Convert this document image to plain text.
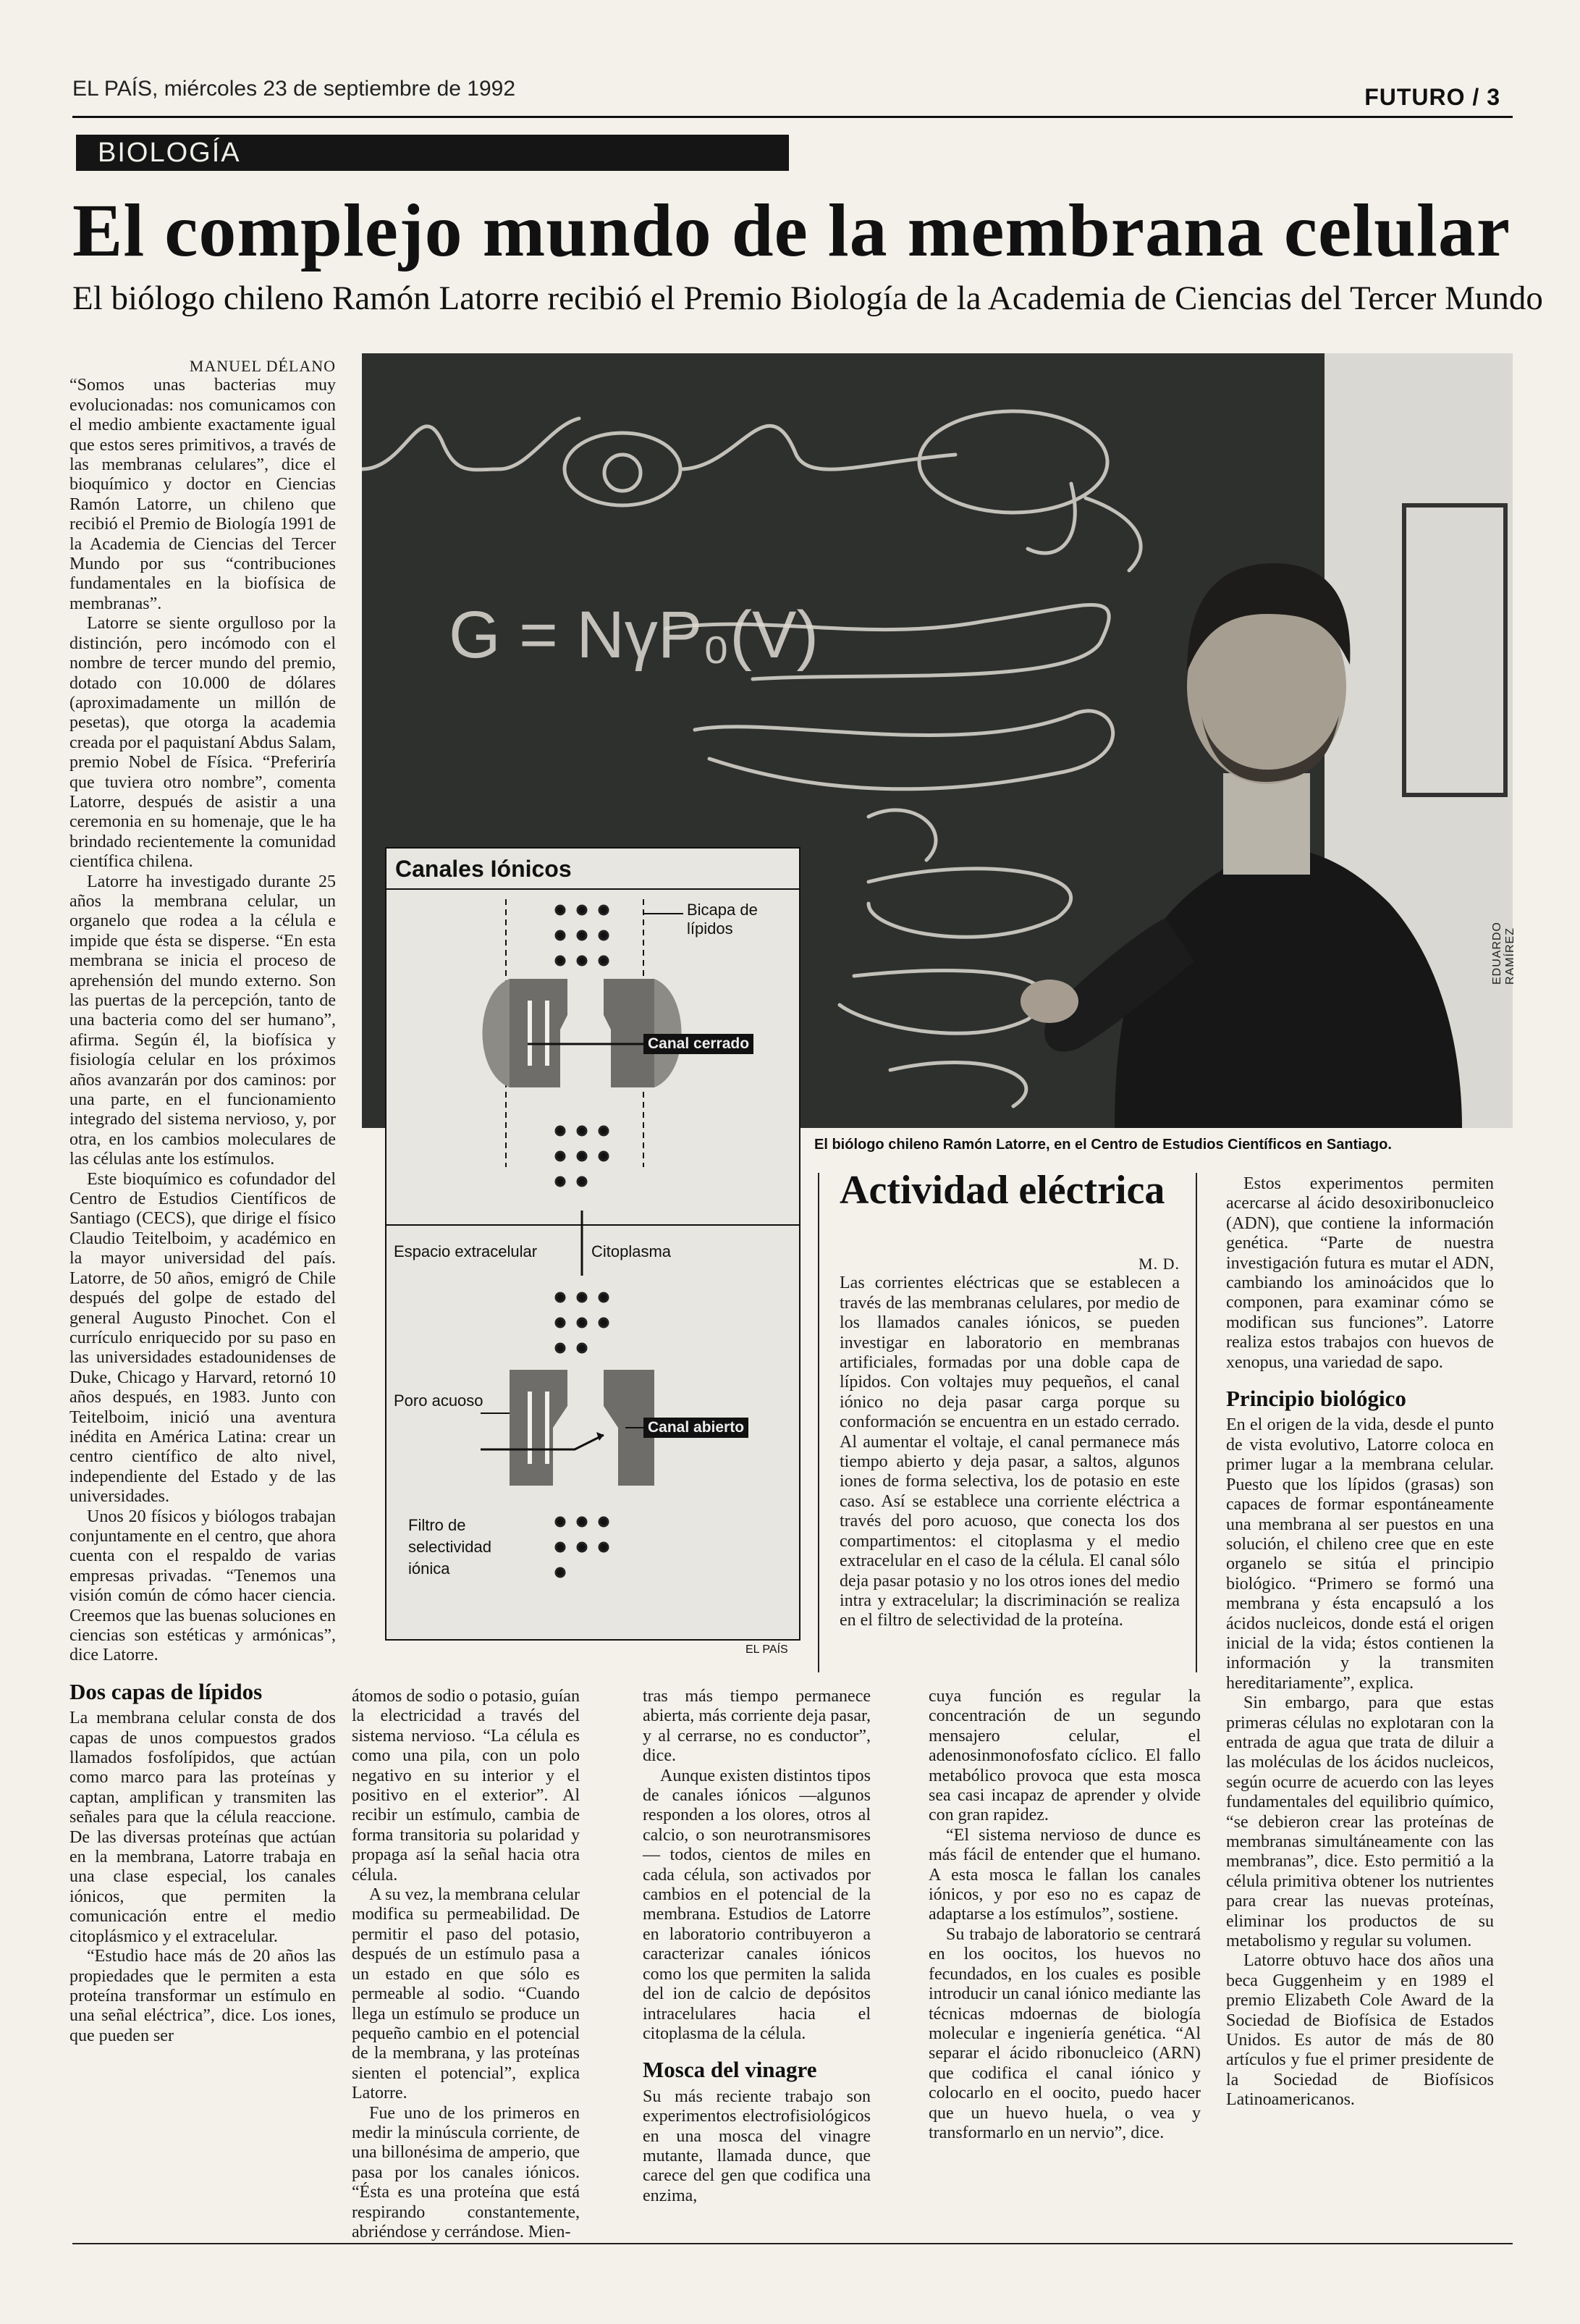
EL PAÍS, miércoles 23 de septiembre de 1992	FUTURO / 3
BIOLOGÍA
El complejo mundo de la membrana celular
El biólogo chileno Ramón Latorre recibió el Premio Biología de la Academia de Ciencias del Tercer Mundo
MANUEL DÉLANO

“Somos unas bacterias muy evolucionadas: nos comunicamos con el medio ambiente exactamente igual que estos seres primitivos, a través de las membranas celulares”, dice el bioquímico y doctor en Ciencias Ramón Latorre, un chileno que recibió el Premio de Biología 1991 de la Academia de Ciencias del Tercer Mundo por sus “contribuciones fundamentales en la biofísica de membranas”.

Latorre se siente orgulloso por la distinción, pero incómodo con el nombre de tercer mundo del premio, dotado con 10.000 de dólares (aproximadamente un millón de pesetas), que otorga la academia creada por el paquistaní Abdus Salam, premio Nobel de Física. “Preferiría que tuviera otro nombre”, comenta Latorre, después de asistir a una ceremonia en su homenaje, que le ha brindado recientemente la comunidad científica chilena.

Latorre ha investigado durante 25 años la membrana celular, un organelo que rodea a la célula e impide que ésta se disperse. “En esta membrana se inicia el proceso de aprehensión del mundo externo. Son las puertas de la percepción, tanto de una bacteria como del ser humano”, afirma. Según él, la biofísica y fisiología celular en los próximos años avanzarán por dos caminos: por una parte, en el funcionamiento integrado del sistema nervioso, y, por otra, en los cambios moleculares de las células ante los estímulos.

Este bioquímico es cofundador del Centro de Estudios Científicos de Santiago (CECS), que dirige el físico Claudio Teitelboim, y académico en la mayor universidad del país. Latorre, de 50 años, emigró de Chile después del golpe de estado del general Augusto Pinochet. Con el currículo enriquecido por su paso en las universidades estadounidenses de Duke, Chicago y Harvard, retornó 10 años después, en 1983. Junto con Teitelboim, inició una aventura inédita en América Latina: crear un centro científico de alto nivel, independiente del Estado y de las universidades.

Unos 20 físicos y biólogos trabajan conjuntamente en el centro, que ahora cuenta con el respaldo de varias empresas privadas. “Tenemos una visión común de cómo hacer ciencia. Creemos que las buenas soluciones en ciencias son estéticas y armónicas”, dice Latorre.

Dos capas de lípidos

La membrana celular consta de dos capas de unos compuestos grados llamados fosfolípidos, que actúan como marco para las proteínas y captan, amplifican y transmiten las señales para que la célula reaccione. De las diversas proteínas que actúan en la membrana, Latorre trabaja en una clase especial, los canales iónicos, que permiten la comunicación entre el medio citoplásmico y el extracelular.

“Estudio hace más de 20 años las propiedades que le permiten a esta proteína transformar un estímulo en una señal eléctrica”, dice. Los iones, que pueden ser

G = NγP₀(V)
EDUARDO RAMÍREZ
El biólogo chileno Ramón Latorre, en el Centro de Estudios Científicos en Santiago.
Canales Iónicos
Bicapa de lípidos
Canal cerrado
Espacio extracelular	Citoplasma
Poro acuoso
Canal abierto
Filtro de selectividad iónica
EL PAÍS
Actividad eléctrica
M. D.

Las corrientes eléctricas que se establecen a través de las membranas celulares, por medio de los llamados canales iónicos, se pueden investigar en laboratorio en membranas artificiales, formadas por una doble capa de lípidos. Con voltajes muy pequeños, el canal iónico no deja pasar carga porque su conformación se encuentra en un estado cerrado. Al aumentar el voltaje, el canal permanece más tiempo abierto y deja pasar, a saltos, algunos iones de forma selectiva, los de potasio en este caso. Así se establece una corriente eléctrica a través del poro acuoso, que conecta los dos compartimentos: el citoplasma y el medio extracelular en el caso de la célula. El canal sólo deja pasar potasio y no los otros iones del medio intra y extracelular; la discriminación se realiza en el filtro de selectividad de la proteína.

átomos de sodio o potasio, guían la electricidad a través del sistema nervioso. “La célula es como una pila, con un polo negativo en su interior y el positivo en el exterior”. Al recibir un estímulo, cambia de forma transitoria su polaridad y propaga así la señal hacia otra célula.

A su vez, la membrana celular modifica su permeabilidad. De permitir el paso del potasio, después de un estímulo pasa a un estado en que sólo es permeable al sodio. “Cuando llega un estímulo se produce un pequeño cambio en el potencial de la membrana, y las proteínas sienten el potencial”, explica Latorre.

Fue uno de los primeros en medir la minúscula corriente, de una billonésima de amperio, que pasa por los canales iónicos. “Ésta es una proteína que está respirando constantemente, abriéndose y cerrándose. Mien-

tras más tiempo permanece abierta, más corriente deja pasar, y al cerrarse, no es conductor”, dice.

Aunque existen distintos tipos de canales iónicos —algunos responden a los olores, otros al calcio, o son neurotransmisores— todos, cientos de miles en cada célula, son activados por cambios en el potencial de la membrana. Estudios de Latorre en laboratorio contribuyeron a caracterizar canales iónicos como los que permiten la salida del ion de calcio de depósitos intracelulares hacia el citoplasma de la célula.

Mosca del vinagre

Su más reciente trabajo son experimentos electrofisiológicos en una mosca del vinagre mutante, llamada dunce, que carece del gen que codifica una enzima,

cuya función es regular la concentración de un segundo mensajero celular, el adenosinmonofosfato cíclico. El fallo metabólico provoca que esta mosca sea casi incapaz de aprender y olvide con gran rapidez.

“El sistema nervioso de dunce es más fácil de entender que el humano. A esta mosca le fallan los canales iónicos, y por eso no es capaz de adaptarse a los estímulos”, sostiene.

Su trabajo de laboratorio se centrará en los oocitos, los huevos no fecundados, en los cuales es posible introducir un canal iónico mediante las técnicas mdoernas de biología molecular e ingeniería genética. “Al separar el ácido ribonucleico (ARN) que codifica el canal iónico y colocarlo en el oocito, puedo hacer que un huevo huela, o vea y transformarlo en un nervio”, dice.

Estos experimentos permiten acercarse al ácido desoxiribonucleico (ADN), que contiene la información genética. “Parte de nuestra investigación futura es mutar el ADN, cambiando los aminoácidos que lo componen, para examinar cómo se modifican sus funciones”. Latorre realiza estos trabajos con huevos de xenopus, una variedad de sapo.

Principio biológico

En el origen de la vida, desde el punto de vista evolutivo, Latorre coloca en primer lugar a la membrana celular. Puesto que los lípidos (grasas) son capaces de formar espontáneamente una membrana al ser puestos en una solución, el chileno cree que en este organelo se sitúa el principio biológico. “Primero se formó una membrana y ésta encapsuló a los ácidos nucleicos, donde está el origen inicial de la vida; éstos contienen la información y la transmiten hereditariamente”, explica.

Sin embargo, para que estas primeras células no explotaran con la entrada de agua que trata de diluir a las moléculas de los ácidos nucleicos, según ocurre de acuerdo con las leyes fundamentales del equilibrio químico, “se debieron crear las proteínas de membranas simultáneamente con las membranas”, dice. Esto permitió a la célula primitiva obtener los nutrientes para crear las nuevas proteínas, eliminar los productos de su metabolismo y regular su volumen.

Latorre obtuvo hace dos años una beca Guggenheim y en 1989 el premio Elizabeth Cole Award de la Sociedad de Biofísica de Estados Unidos. Es autor de más de 80 artículos y fue el primer presidente de la Sociedad de Biofísicos Latinoamericanos.
